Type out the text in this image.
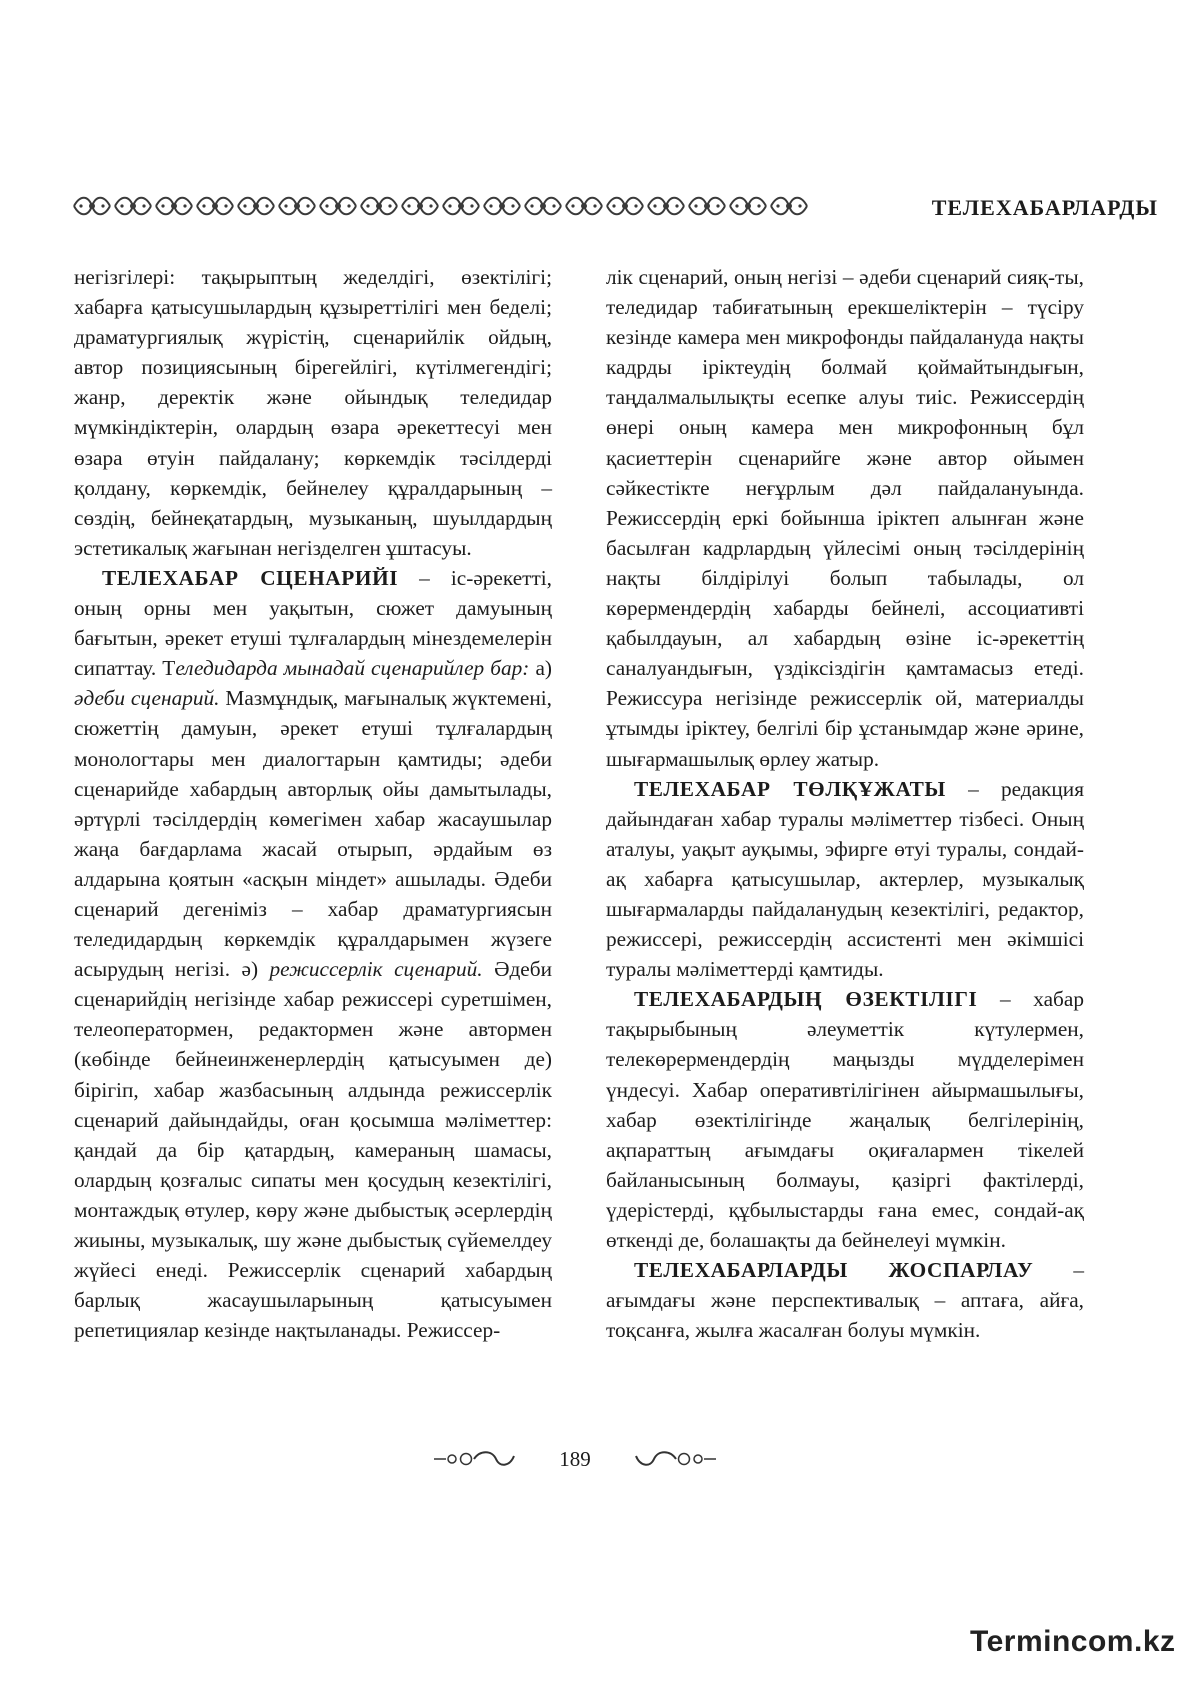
ТЕЛЕХАБАРЛАРДЫ

негізгілері: тақырыптың жеделдігі, өзектілігі; хабарға қатысушылардың құзыреттілігі мен беделі; драматургиялық жүрістің, сценарийлік ойдың, автор позициясының бірегейлігі, күтілмегендігі; жанр, деректік және ойындық теледидар мүмкіндіктерін, олардың өзара әрекеттесуі мен өзара өтуін пайдалану; көркемдік тәсілдерді қолдану, көркемдік, бейнелеу құралдарының – сөздің, бейнеқатардың, музыканың, шуылдардың эстетикалық жағынан негізделген ұштасуы.

ТЕЛЕХАБАР СЦЕНАРИЙІ – іс-әрекетті, оның орны мен уақытын, сюжет дамуының бағытын, әрекет етуші тұлғалардың мінездемелерін сипаттау. Теледидарда мынадай сценарийлер бар: а) әдеби сценарий. Мазмұндық, мағыналық жүктемені, сюжеттің дамуын, әрекет етуші тұлғалардың монологтары мен диалогтарын қамтиды; әдеби сценарийде хабардың авторлық ойы дамытылады, әртүрлі тәсілдердің көмегімен хабар жасаушылар жаңа бағдарлама жасай отырып, әрдайым өз алдарына қоятын «асқын міндет» ашылады. Әдеби сценарий дегеніміз – хабар драматургиясын теледидардың көркемдік құралдарымен жүзеге асырудың негізі. ә) режиссерлік сценарий. Әдеби сценарийдің негізінде хабар режиссері суретшімен, телеоператормен, редактормен және автормен (көбінде бейнеинженерлердің қатысуымен де) бірігіп, хабар жазбасының алдында режиссерлік сценарий дайындайды, оған қосымша мәліметтер: қандай да бір қатардың, камераның шамасы, олардың қозғалыс сипаты мен қосудың кезектілігі, монтаждық өтулер, көру және дыбыстық әсерлердің жиыны, музыкалық, шу және дыбыстық сүйемелдеу жүйесі енеді. Режиссерлік сценарий хабардың барлық жасаушыларының қатысуымен репетициялар кезінде нақтыланады. Режиссер-

лік сценарий, оның негізі – әдеби сценарий сияқ-ты, теледидар табиғатының ерекшеліктерін – түсіру кезінде камера мен микрофонды пайдалануда нақты кадрды іріктеудің болмай қоймайтындығын, таңдалмалылықты есепке алуы тиіс. Режиссердің өнері оның камера мен микрофонның бұл қасиеттерін сценарийге және автор ойымен сәйкестікте неғұрлым дәл пайдалануында. Режиссердің еркі бойынша іріктеп алынған және басылған кадрлардың үйлесімі оның тәсілдерінің нақты білдірілуі болып табылады, ол көрермендердің хабарды бейнелі, ассоциативті қабылдауын, ал хабардың өзіне іс-әрекеттің саналуандығын, үздіксіздігін қамтамасыз етеді. Режиссура негізінде режиссерлік ой, материалды ұтымды іріктеу, белгілі бір ұстанымдар және әрине, шығармашылық өрлеу жатыр.

ТЕЛЕХАБАР ТӨЛҚҰЖАТЫ – редакция дайындаған хабар туралы мәліметтер тізбесі. Оның аталуы, уақыт ауқымы, эфирге өтуі туралы, сондай-ақ хабарға қатысушылар, актерлер, музыкалық шығармаларды пайдаланудың кезектілігі, редактор, режиссері, режиссердің ассистенті мен әкімшісі туралы мәліметтерді қамтиды.

ТЕЛЕХАБАРДЫҢ ӨЗЕКТІЛІГІ – хабар тақырыбының әлеуметтік күтулермен, телекөрермендердің маңызды мүдделерімен үндесуі. Хабар оперативтілігінен айырмашылығы, хабар өзектілігінде жаңалық белгілерінің, ақпараттың ағымдағы оқиғалармен тікелей байланысының болмауы, қазіргі фактілерді, үдерістерді, құбылыстарды ғана емес, сондай-ақ өткенді де, болашақты да бейнелеуі мүмкін.

ТЕЛЕХАБАРЛАРДЫ ЖОСПАРЛАУ – ағымдағы және перспективалық – аптаға, айға, тоқсанға, жылға жасалған болуы мүмкін.

189
Termincom.kz
